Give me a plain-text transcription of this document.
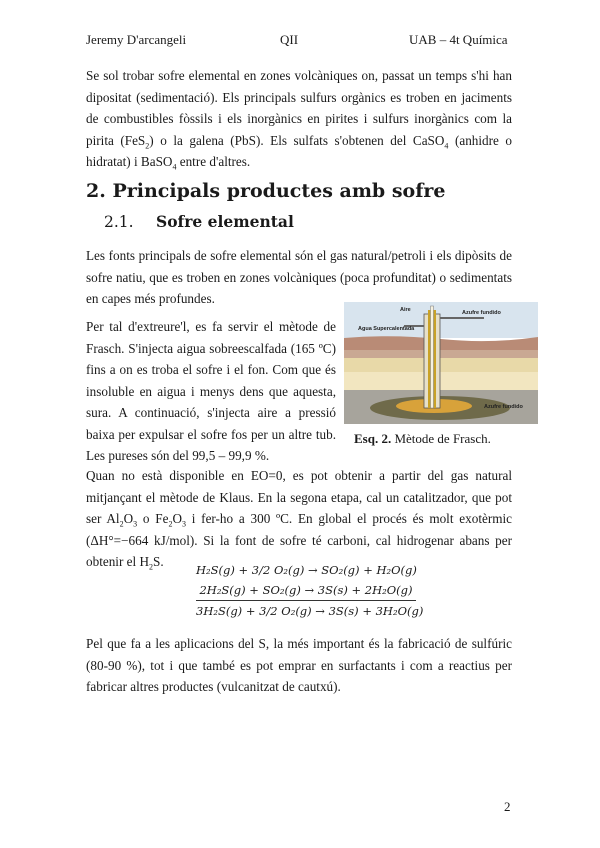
Jeremy D'arcangeli	QII	UAB – 4t Química

Se sol trobar sofre elemental en zones volcàniques on, passat un temps s'hi han dipositat (sedimentació). Els principals sulfurs orgànics es troben en jaciments de combustibles fòssils i els inorgànics en pirites i sulfurs inorgànics com la pirita (FeS$_2$) o la galena (PbS). Els sulfats s'obtenen del CaSO$_4$ (anhidre o hidratat) i BaSO$_4$ entre d'altres.

2. Principals productes amb sofre
2.1. Sofre elemental

Les fonts principals de sofre elemental són el gas natural/petroli i els dipòsits de sofre natiu, que es troben en zones volcàniques (poca profunditat) o sedimentats en capes més profundes.

Per tal d'extreure'l, es fa servir el mètode de Frasch. S'injecta aigua sobreescalfada (165 ºC) fins a on es troba el sofre i el fon. Com que és insoluble en aigua i menys dens que aquesta, sura. A continuació, s'injecta aire a pressió baixa per expulsar el sofre fos per un altre tub. Les pureses són del 99,5 – 99,9 %.

Aire	Azufre fundido
Agua Supercalentada
Azufre fundido
Esq. 2. Mètode de Frasch.

Quan no està disponible en EO=0, es pot obtenir a partir del gas natural mitjançant el mètode de Klaus. En la segona etapa, cal un catalitzador, que pot ser $Al_2O_3$ o $Fe_2O_3$ i fer-ho a 300 ºC. En global el procés és molt exotèrmic (ΔH°=−664 kJ/mol). Si la font de sofre té carboni, cal hidrogenar abans per obtenir el $H_2S$.

H₂S(g) + 3/2 O₂(g) → SO₂(g) + H₂O(g)
2H₂S(g) + SO₂(g) → 3S(s) + 2H₂O(g)
3H₂S(g) + 3/2 O₂(g) → 3S(s) + 3H₂O(g)

Pel que fa a les aplicacions del S, la més important és la fabricació de sulfúric (80-90 %), tot i que també es pot emprar en surfactants i com a reactius per fabricar altres productes (vulcanitzat de cautxú).

2
